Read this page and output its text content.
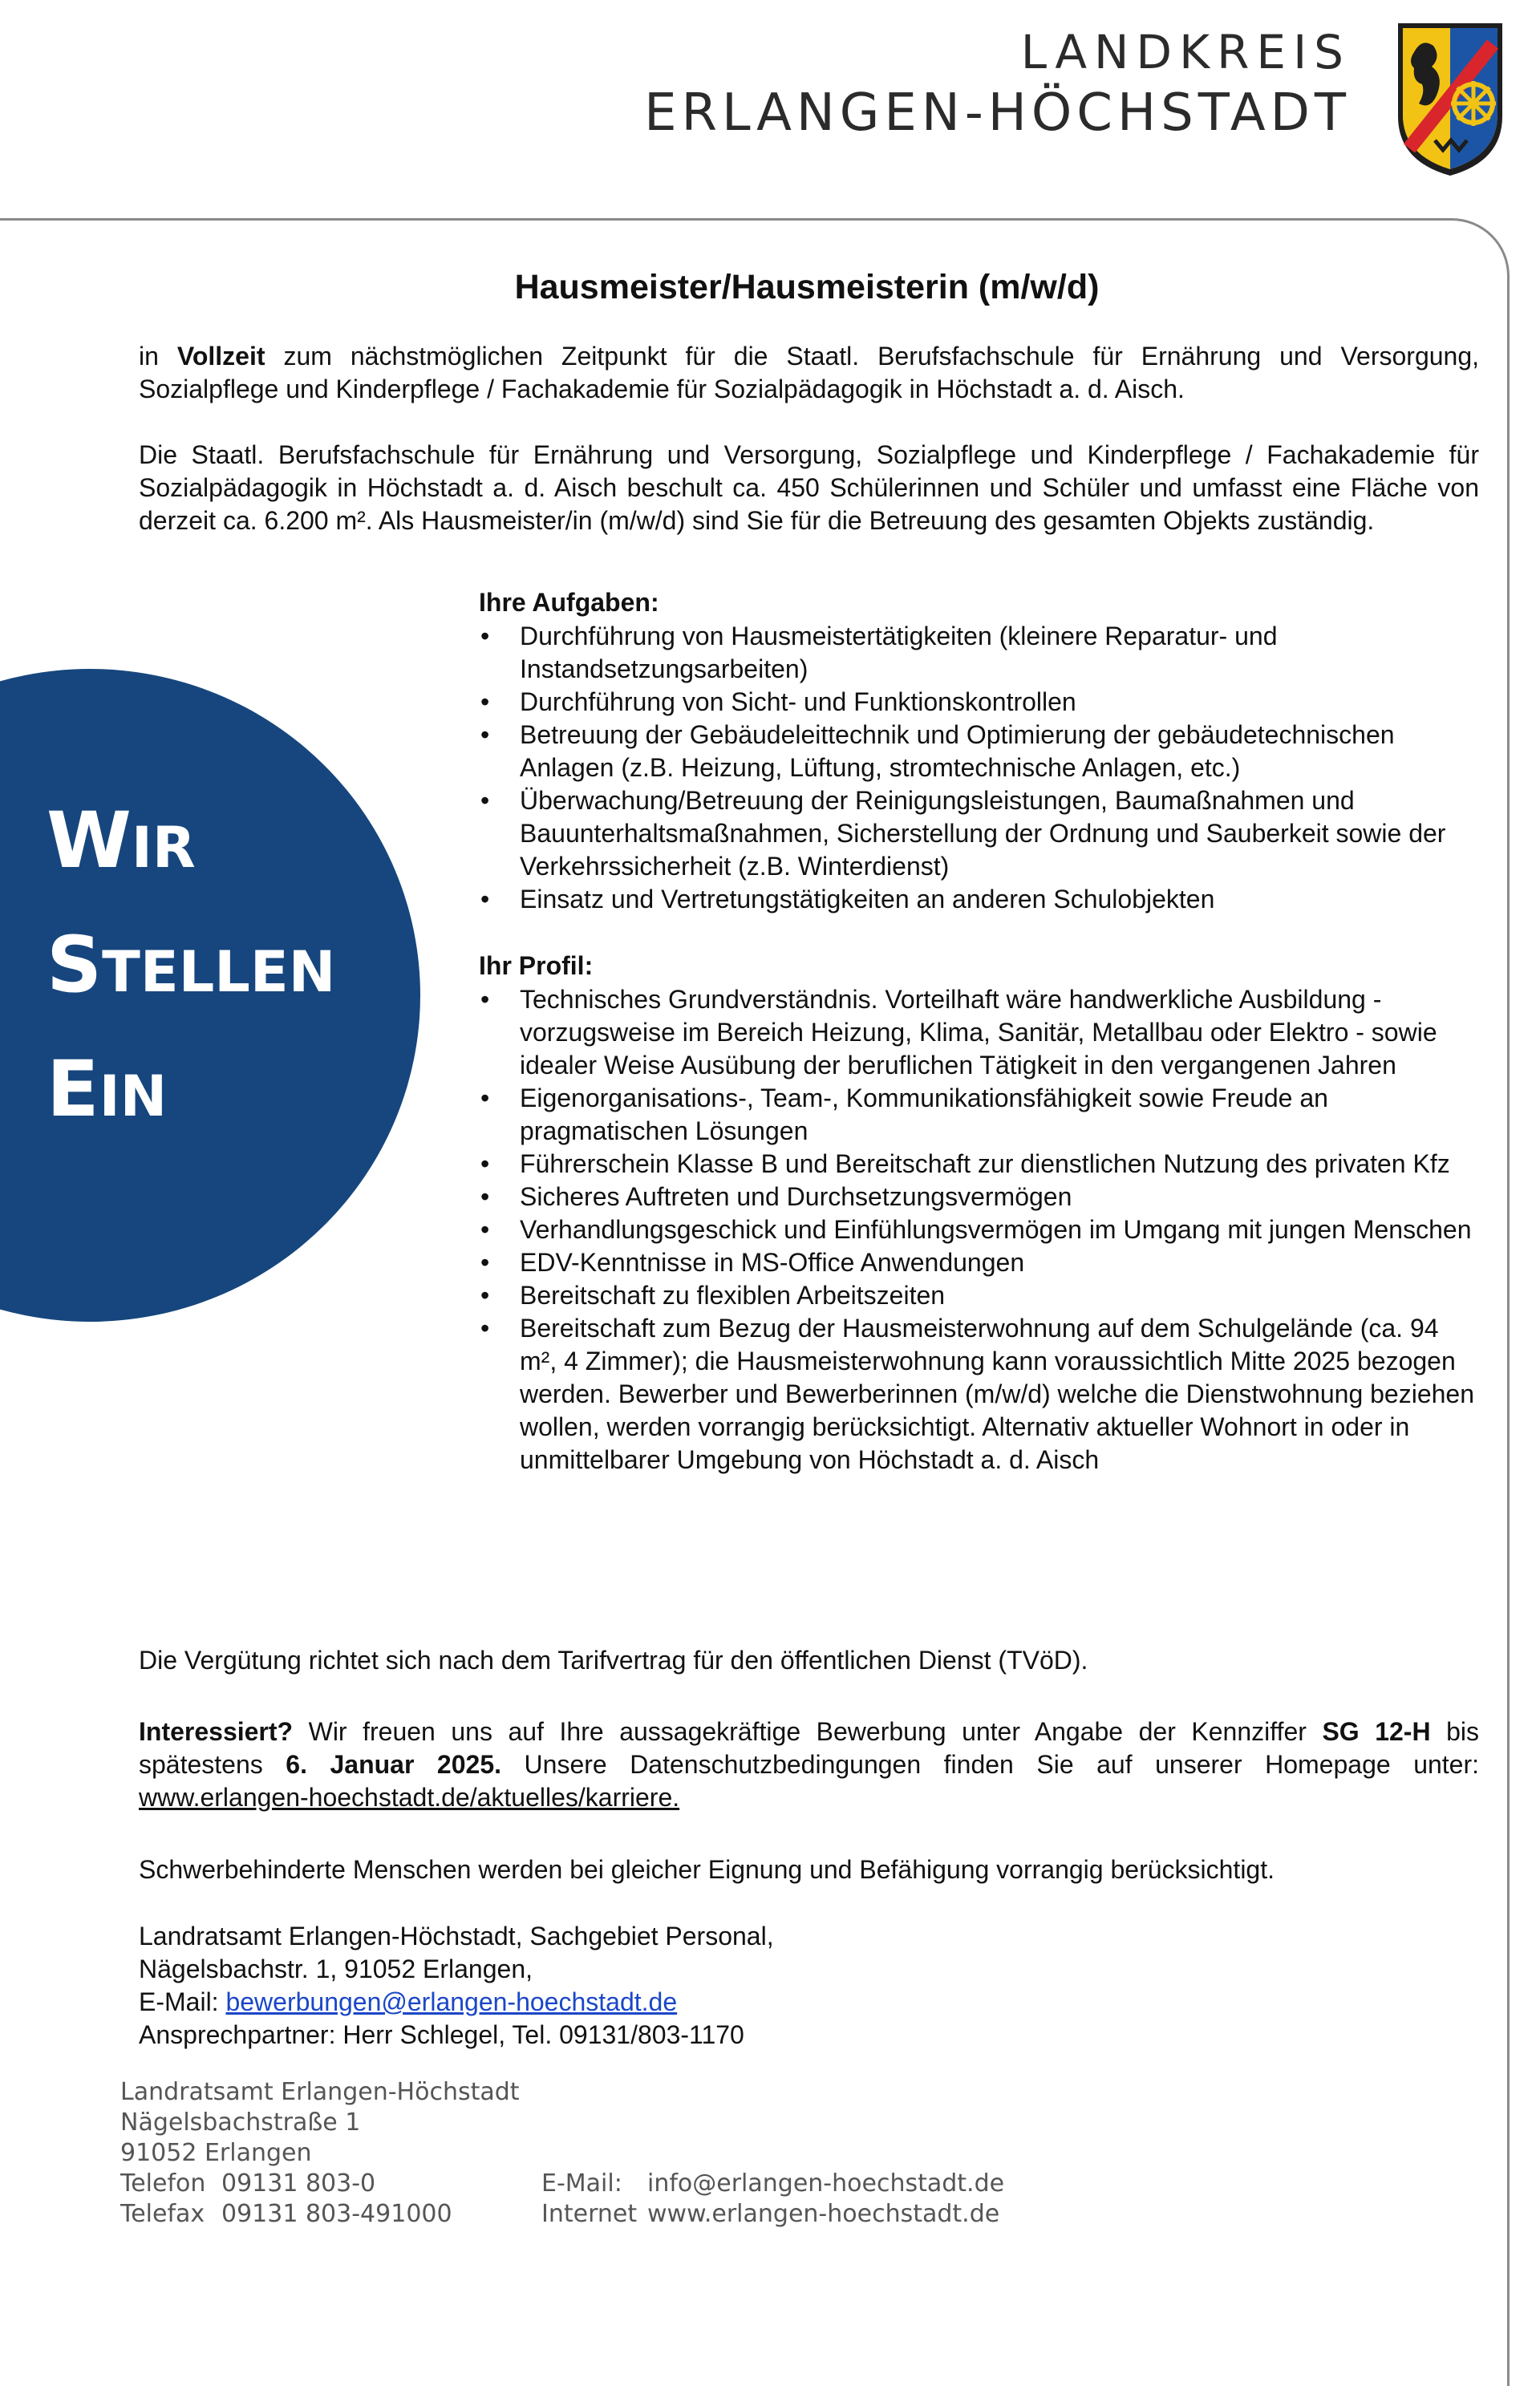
LANDKREIS
ERLANGEN-HÖCHSTADT
WIR
STELLEN
EIN
Hausmeister/Hausmeisterin (m/w/d)
in Vollzeit zum nächstmöglichen Zeitpunkt für die Staatl. Berufsfachschule für Ernährung und Versorgung, Sozialpflege und Kinderpflege / Fachakademie für Sozialpädagogik in Höchstadt a. d. Aisch.
Die Staatl. Berufsfachschule für Ernährung und Versorgung, Sozialpflege und Kinderpflege / Fachakademie für Sozialpädagogik in Höchstadt a. d. Aisch beschult ca. 450 Schülerinnen und Schüler und umfasst eine Fläche von derzeit ca. 6.200 m². Als Hausmeister/in (m/w/d) sind Sie für die Betreuung des gesamten Objekts zuständig.
Ihre Aufgaben:
• Durchführung von Hausmeistertätigkeiten (kleinere Reparatur- und Instandsetzungsarbeiten)
• Durchführung von Sicht- und Funktionskontrollen
• Betreuung der Gebäudeleittechnik und Optimierung der gebäudetechnischen Anlagen (z.B. Heizung, Lüftung, stromtechnische Anlagen, etc.)
• Überwachung/Betreuung der Reinigungsleistungen, Baumaßnahmen und Bauunterhaltsmaßnahmen, Sicherstellung der Ordnung und Sauberkeit sowie der Verkehrssicherheit (z.B. Winterdienst)
• Einsatz und Vertretungstätigkeiten an anderen Schulobjekten
Ihr Profil:
• Technisches Grundverständnis. Vorteilhaft wäre handwerkliche Ausbildung - vorzugsweise im Bereich Heizung, Klima, Sanitär, Metallbau oder Elektro - sowie idealer Weise Ausübung der beruflichen Tätigkeit in den vergangenen Jahren
• Eigenorganisations-, Team-, Kommunikationsfähigkeit sowie Freude an pragmatischen Lösungen
• Führerschein Klasse B und Bereitschaft zur dienstlichen Nutzung des privaten Kfz
• Sicheres Auftreten und Durchsetzungsvermögen
• Verhandlungsgeschick und Einfühlungsvermögen im Umgang mit jungen Menschen
• EDV-Kenntnisse in MS-Office Anwendungen
• Bereitschaft zu flexiblen Arbeitszeiten
• Bereitschaft zum Bezug der Hausmeisterwohnung auf dem Schulgelände (ca. 94 m², 4 Zimmer); die Hausmeisterwohnung kann voraussichtlich Mitte 2025 bezogen werden. Bewerber und Bewerberinnen (m/w/d) welche die Dienstwohnung beziehen wollen, werden vorrangig berücksichtigt. Alternativ aktueller Wohnort in oder in unmittelbarer Umgebung von Höchstadt a. d. Aisch
Die Vergütung richtet sich nach dem Tarifvertrag für den öffentlichen Dienst (TVöD).
Interessiert? Wir freuen uns auf Ihre aussagekräftige Bewerbung unter Angabe der Kennziffer SG 12-H bis spätestens 6. Januar 2025. Unsere Datenschutzbedingungen finden Sie auf unserer Homepage unter: www.erlangen-hoechstadt.de/aktuelles/karriere.
Schwerbehinderte Menschen werden bei gleicher Eignung und Befähigung vorrangig berücksichtigt.
Landratsamt Erlangen-Höchstadt, Sachgebiet Personal,
Nägelsbachstr. 1, 91052 Erlangen,
E-Mail: bewerbungen@erlangen-hoechstadt.de
Ansprechpartner: Herr Schlegel, Tel. 09131/803-1170
Landratsamt Erlangen-Höchstadt
Nägelsbachstraße 1
91052 Erlangen
Telefon 09131 803-0
Telefax 09131 803-491000
E-Mail: info@erlangen-hoechstadt.de
Internet www.erlangen-hoechstadt.de
